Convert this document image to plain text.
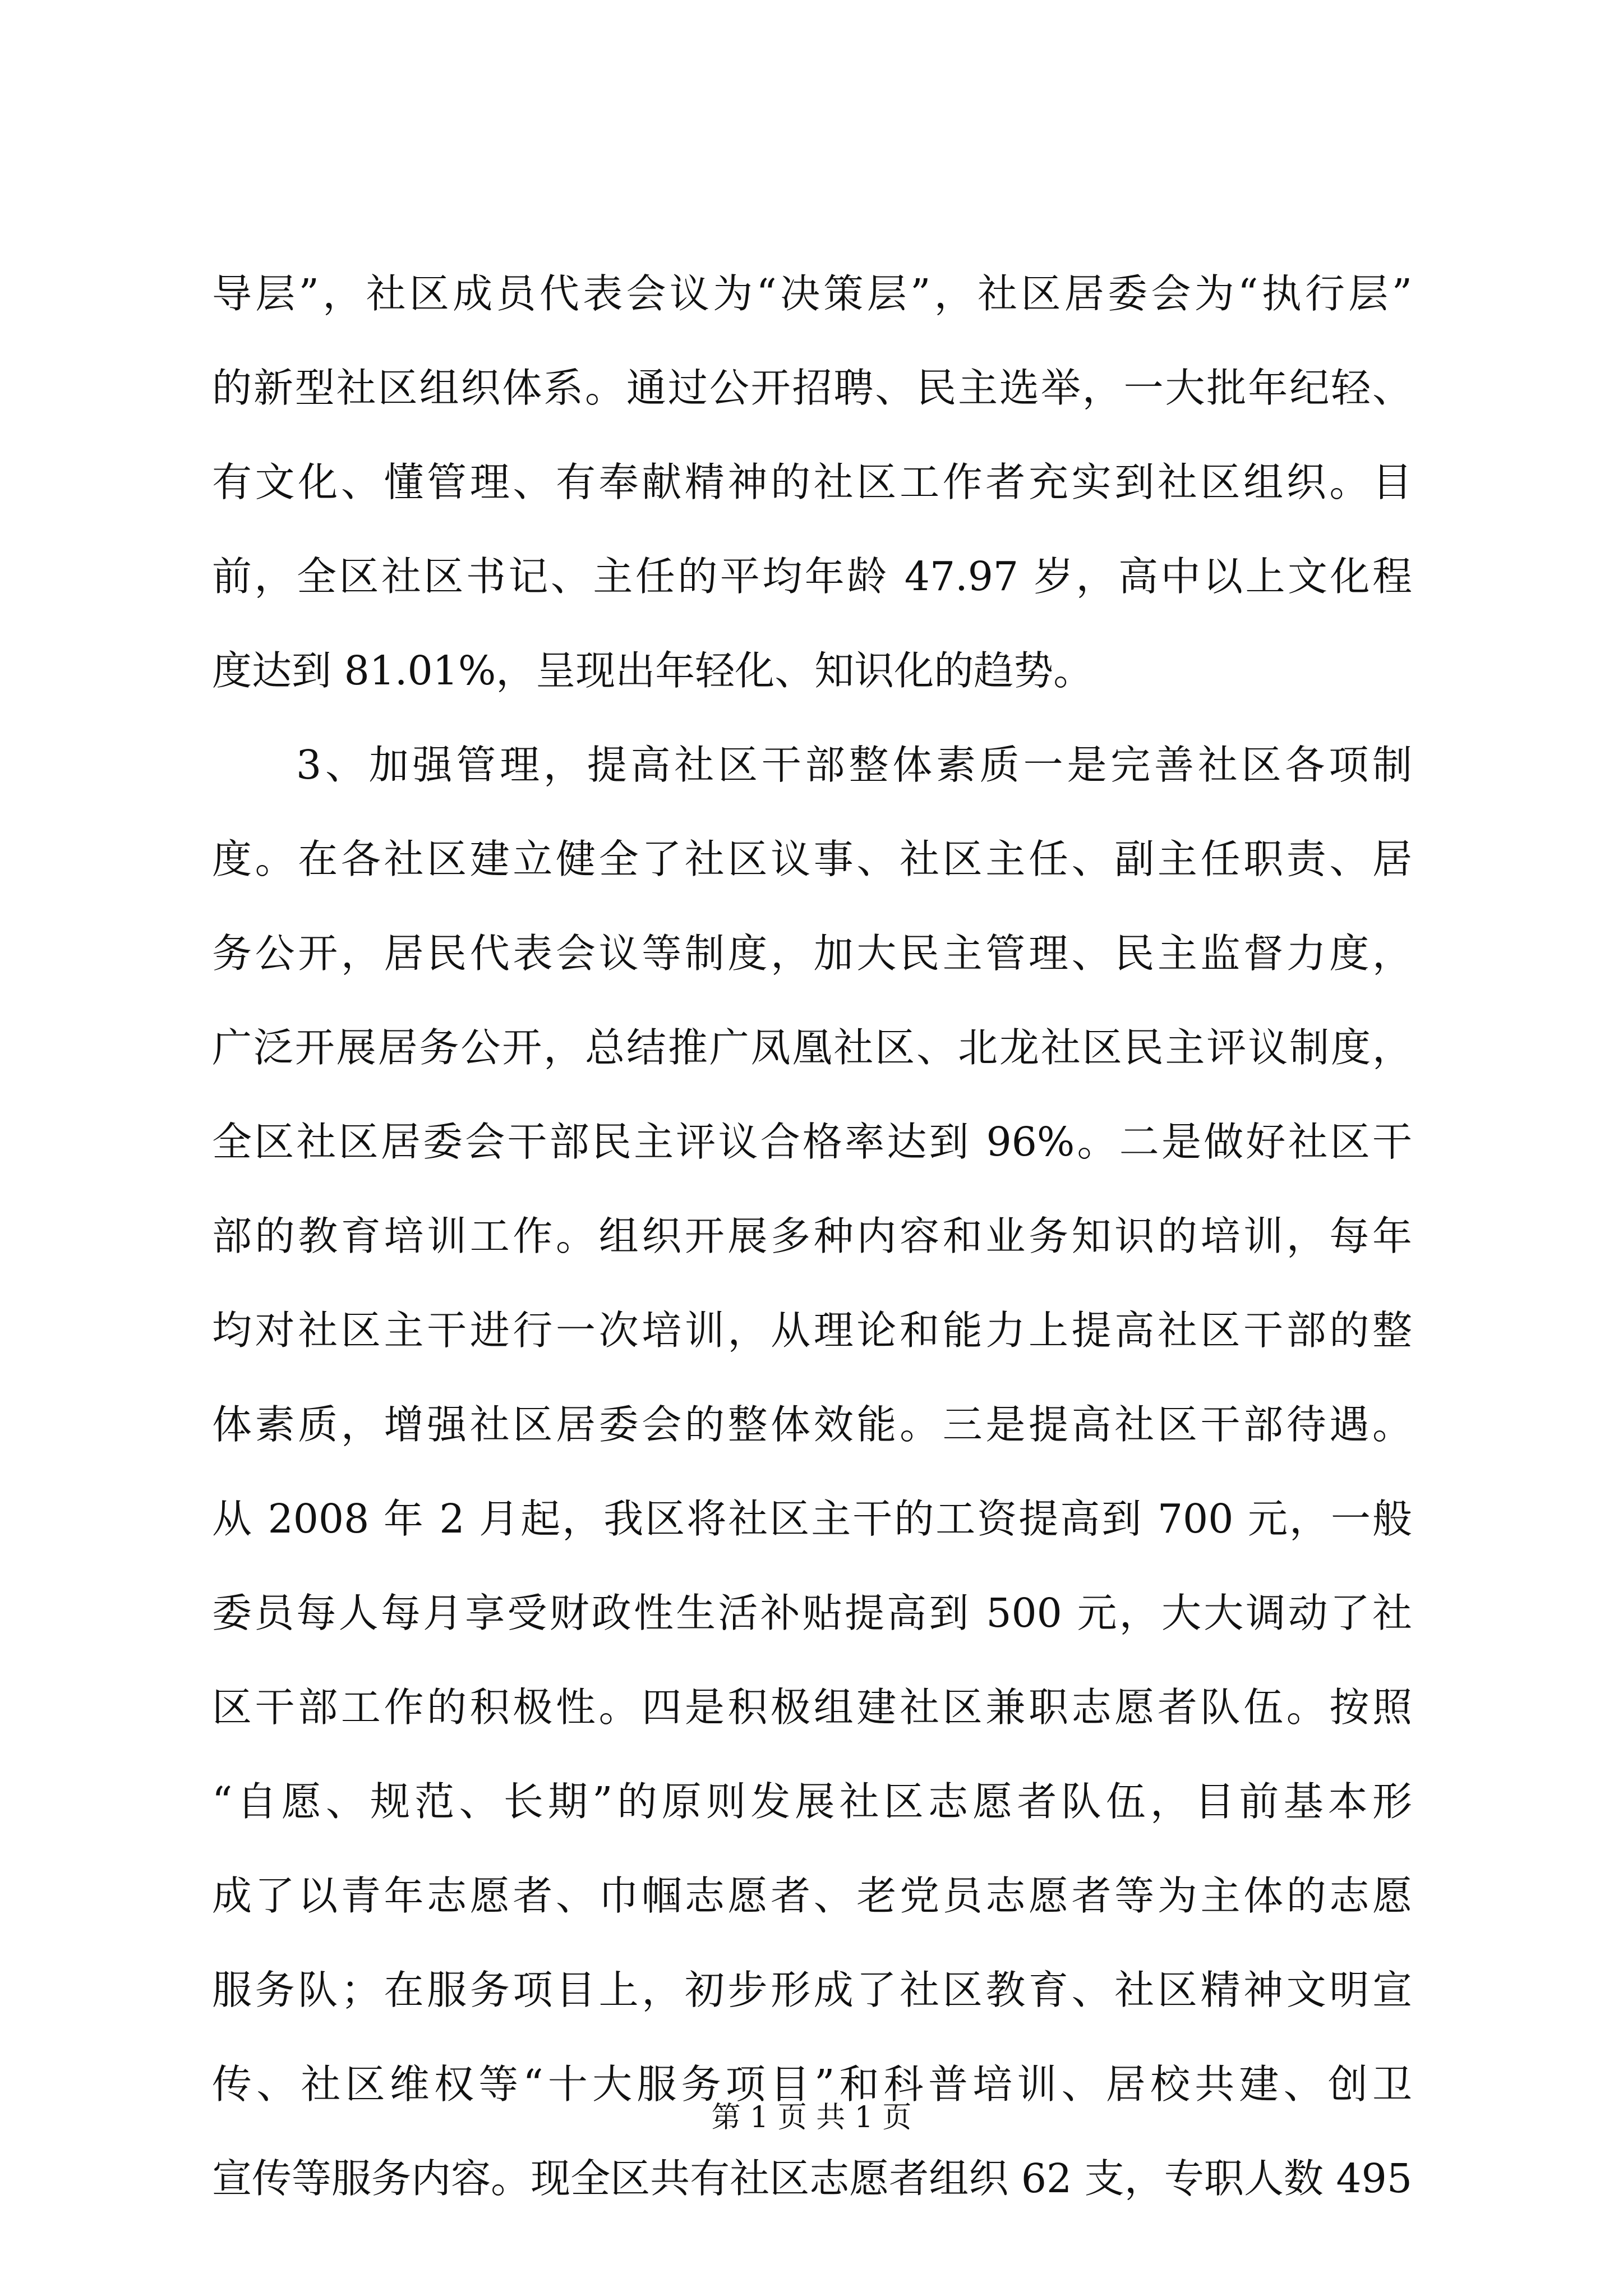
导层”，社区成员代表会议为“决策层”，社区居委会为“执行层”
的新型社区组织体系。通过公开招聘、民主选举，一大批年纪轻、
有文化、懂管理、有奉献精神的社区工作者充实到社区组织。目
前，全区社区书记、主任的平均年龄 47.97 岁，高中以上文化程
度达到 81.01%，呈现出年轻化、知识化的趋势。
3、加强管理，提高社区干部整体素质一是完善社区各项制
度。在各社区建立健全了社区议事、社区主任、副主任职责、居
务公开，居民代表会议等制度，加大民主管理、民主监督力度，
广泛开展居务公开，总结推广凤凰社区、北龙社区民主评议制度，
全区社区居委会干部民主评议合格率达到 96%。二是做好社区干
部的教育培训工作。组织开展多种内容和业务知识的培训，每年
均对社区主干进行一次培训，从理论和能力上提高社区干部的整
体素质，增强社区居委会的整体效能。三是提高社区干部待遇。
从 2008 年 2 月起，我区将社区主干的工资提高到 700 元，一般
委员每人每月享受财政性生活补贴提高到 500 元，大大调动了社
区干部工作的积极性。四是积极组建社区兼职志愿者队伍。按照
“自愿、规范、长期”的原则发展社区志愿者队伍，目前基本形
成了以青年志愿者、巾帼志愿者、老党员志愿者等为主体的志愿
服务队；在服务项目上，初步形成了社区教育、社区精神文明宣
传、社区维权等“十大服务项目”和科普培训、居校共建、创卫
宣传等服务内容。现全区共有社区志愿者组织 62 支，专职人数 495
第 1 页 共 1 页
